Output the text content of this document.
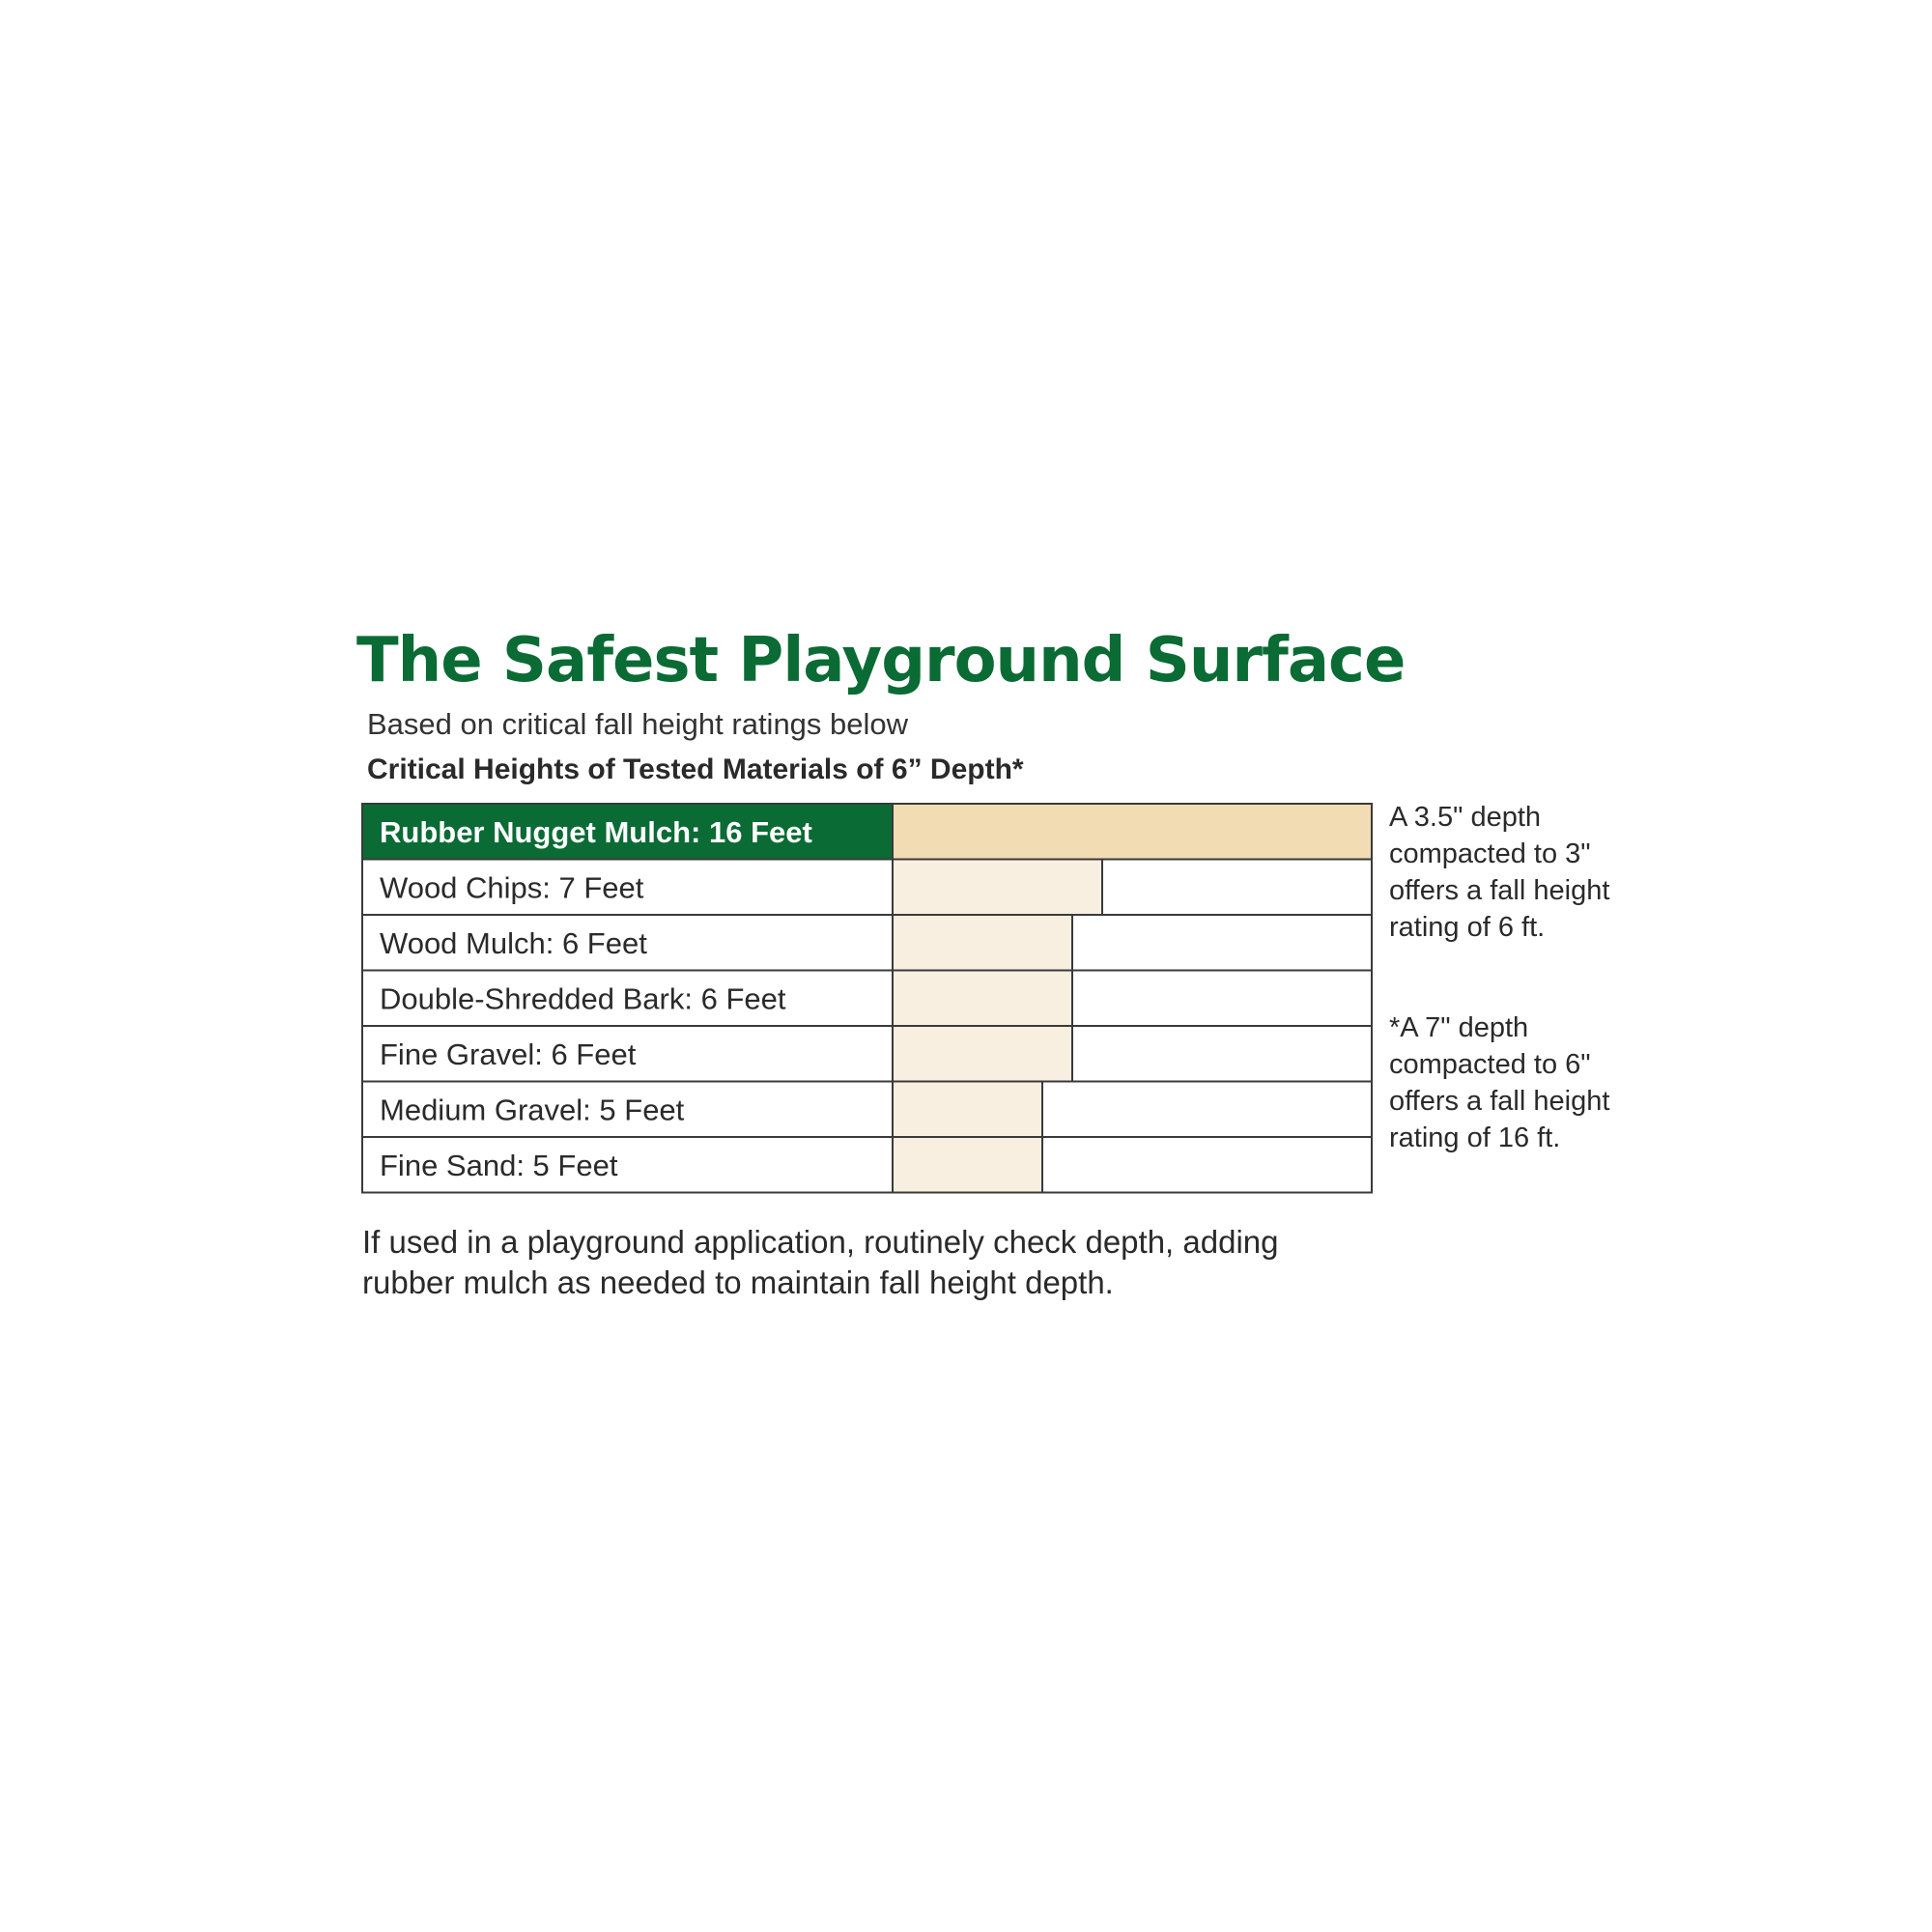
The Safest Playground Surface
Based on critical fall height ratings below
Critical Heights of Tested Materials of 6” Depth*
Rubber Nugget Mulch: 16 Feet
Wood Chips: 7 Feet
Wood Mulch: 6 Feet
Double-Shredded Bark: 6 Feet
Fine Gravel: 6 Feet
Medium Gravel: 5 Feet
Fine Sand: 5 Feet
A 3.5" depth compacted to 3" offers a fall height rating of 6 ft.
*A 7" depth compacted to 6" offers a fall height rating of 16 ft.
If used in a playground application, routinely check depth, adding rubber mulch as needed to maintain fall height depth.
